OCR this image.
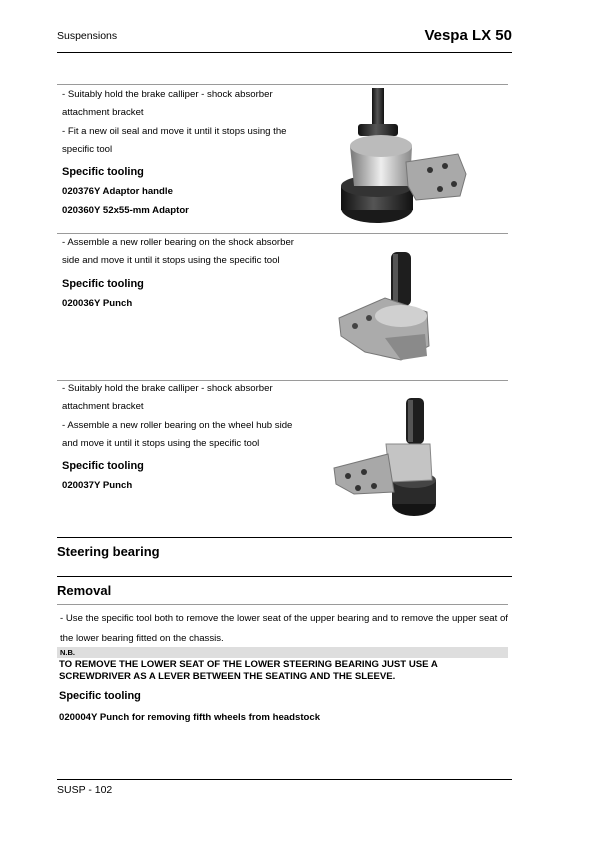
Suspensions	Vespa LX 50

- Suitably hold the brake calliper - shock absorber attachment bracket

- Fit a new oil seal and move it until it stops using the specific tool

Specific tooling

020376Y Adaptor handle

020360Y 52x55-mm Adaptor

- Assemble a new roller bearing on the shock absorber side and move it until it stops using the specific tool

Specific tooling

020036Y Punch

- Suitably hold the brake calliper - shock absorber attachment bracket

- Assemble a new roller bearing on the wheel hub side and move it until it stops using the specific tool

Specific tooling

020037Y Punch

Steering bearing
Removal
- Use the specific tool both to remove the lower seat of the upper bearing and to remove the upper seat of the lower bearing fitted on the chassis.
N.B.
TO REMOVE THE LOWER SEAT OF THE LOWER STEERING BEARING JUST USE A SCREWDRIVER AS A LEVER BETWEEN THE SEATING AND THE SLEEVE.
Specific tooling
020004Y Punch for removing fifth wheels from headstock
SUSP - 102
